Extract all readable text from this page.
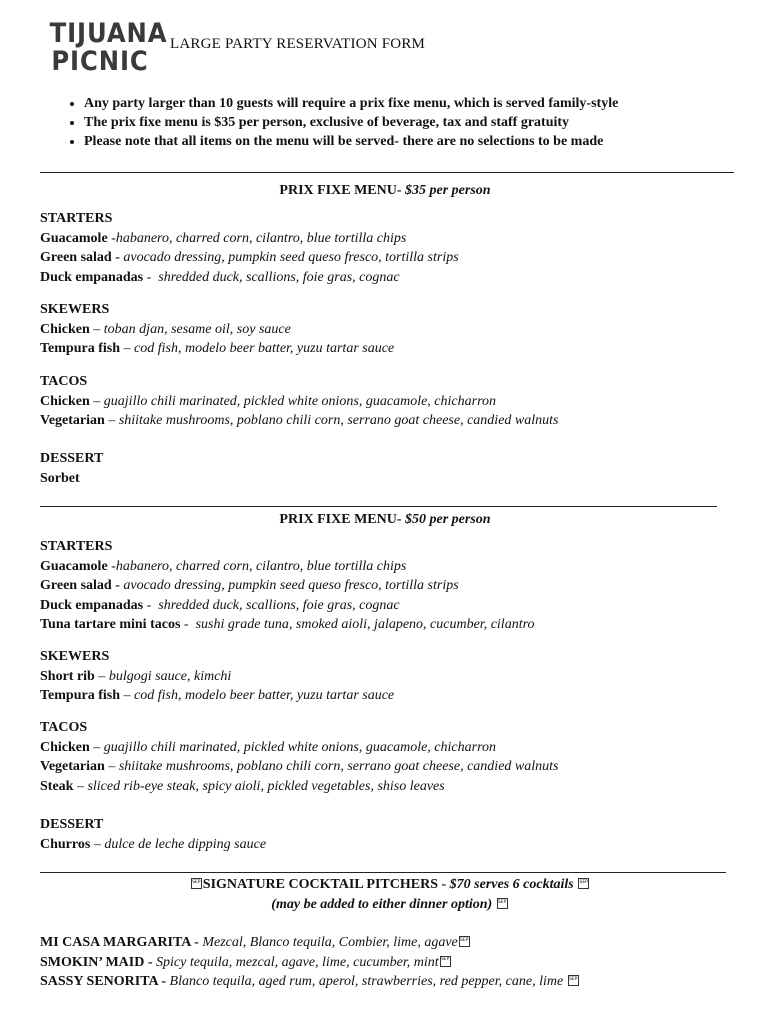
TIJUANA
PICNIC
LARGE PARTY RESERVATION FORM
• Any party larger than 10 guests will require a prix fixe menu, which is served family-style
• The prix fixe menu is $35 per person, exclusive of beverage, tax and staff gratuity
• Please note that all items on the menu will be served- there are no selections to be made
PRIX FIXE MENU- $35 per person
STARTERS
Guacamole -habanero, charred corn, cilantro, blue tortilla chips
Green salad - avocado dressing, pumpkin seed queso fresco, tortilla strips
Duck empanadas -  shredded duck, scallions, foie gras, cognac
SKEWERS
Chicken – toban djan, sesame oil, soy sauce
Tempura fish – cod fish, modelo beer batter, yuzu tartar sauce
TACOS
Chicken – guajillo chili marinated, pickled white onions, guacamole, chicharron
Vegetarian – shiitake mushrooms, poblano chili corn, serrano goat cheese, candied walnuts
DESSERT
Sorbet
PRIX FIXE MENU- $50 per person
STARTERS
Guacamole -habanero, charred corn, cilantro, blue tortilla chips
Green salad - avocado dressing, pumpkin seed queso fresco, tortilla strips
Duck empanadas -  shredded duck, scallions, foie gras, cognac
Tuna tartare mini tacos -  sushi grade tuna, smoked aioli, jalapeno, cucumber, cilantro
SKEWERS
Short rib – bulgogi sauce, kimchi
Tempura fish – cod fish, modelo beer batter, yuzu tartar sauce
TACOS
Chicken – guajillo chili marinated, pickled white onions, guacamole, chicharron
Vegetarian – shiitake mushrooms, poblano chili corn, serrano goat cheese, candied walnuts
Steak – sliced rib-eye steak, spicy aioli, pickled vegetables, shiso leaves
DESSERT
Churros – dulce de leche dipping sauce
SEP SIGNATURE COCKTAIL PITCHERS - $70 serves 6 cocktails SEP
(may be added to either dinner option) SEP
MI CASA MARGARITA - Mezcal, Blanco tequila, Combier, lime, agave SEP
SMOKIN’ MAID - Spicy tequila, mezcal, agave, lime, cucumber, mint SEP
SASSY SENORITA - Blanco tequila, aged rum, aperol, strawberries, red pepper, cane, lime SEP
